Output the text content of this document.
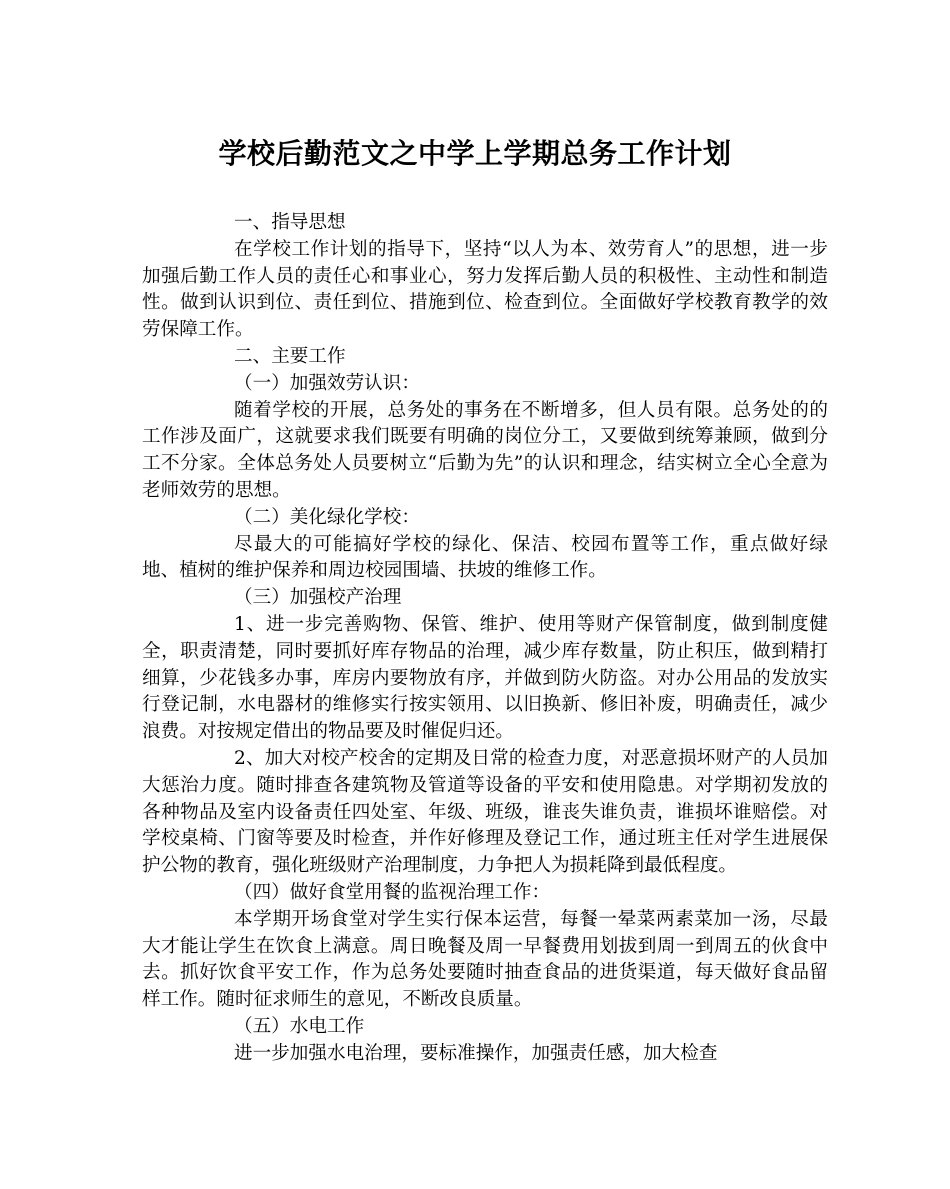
学校后勤范文之中学上学期总务工作计划

一、指导思想

在学校工作计划的指导下，坚持“以人为本、效劳育人”的思想，进一步加强后勤工作人员的责任心和事业心，努力发挥后勤人员的积极性、主动性和制造性。做到认识到位、责任到位、措施到位、检查到位。全面做好学校教育教学的效劳保障工作。

二、主要工作

（一）加强效劳认识：

随着学校的开展，总务处的事务在不断增多，但人员有限。总务处的的工作涉及面广，这就要求我们既要有明确的岗位分工，又要做到统筹兼顾，做到分工不分家。全体总务处人员要树立“后勤为先”的认识和理念，结实树立全心全意为老师效劳的思想。

（二）美化绿化学校：

尽最大的可能搞好学校的绿化、保洁、校园布置等工作，重点做好绿地、植树的维护保养和周边校园围墙、扶坡的维修工作。

（三）加强校产治理

1、进一步完善购物、保管、维护、使用等财产保管制度，做到制度健全，职责清楚，同时要抓好库存物品的治理，减少库存数量，防止积压，做到精打细算，少花钱多办事，库房内要物放有序，并做到防火防盗。对办公用品的发放实行登记制，水电器材的维修实行按实领用、以旧换新、修旧补废，明确责任，减少浪费。对按规定借出的物品要及时催促归还。

2、加大对校产校舍的定期及日常的检查力度，对恶意损坏财产的人员加大惩治力度。随时排查各建筑物及管道等设备的平安和使用隐患。对学期初发放的各种物品及室内设备责任四处室、年级、班级，谁丧失谁负责，谁损坏谁赔偿。对学校桌椅、门窗等要及时检查，并作好修理及登记工作，通过班主任对学生进展保护公物的教育，强化班级财产治理制度，力争把人为损耗降到最低程度。

（四）做好食堂用餐的监视治理工作：

本学期开场食堂对学生实行保本运营，每餐一晕菜两素菜加一汤，尽最大才能让学生在饮食上满意。周日晚餐及周一早餐费用划拔到周一到周五的伙食中去。抓好饮食平安工作，作为总务处要随时抽查食品的进货渠道，每天做好食品留样工作。随时征求师生的意见，不断改良质量。

（五）水电工作

进一步加强水电治理，要标准操作，加强责任感，加大检查
